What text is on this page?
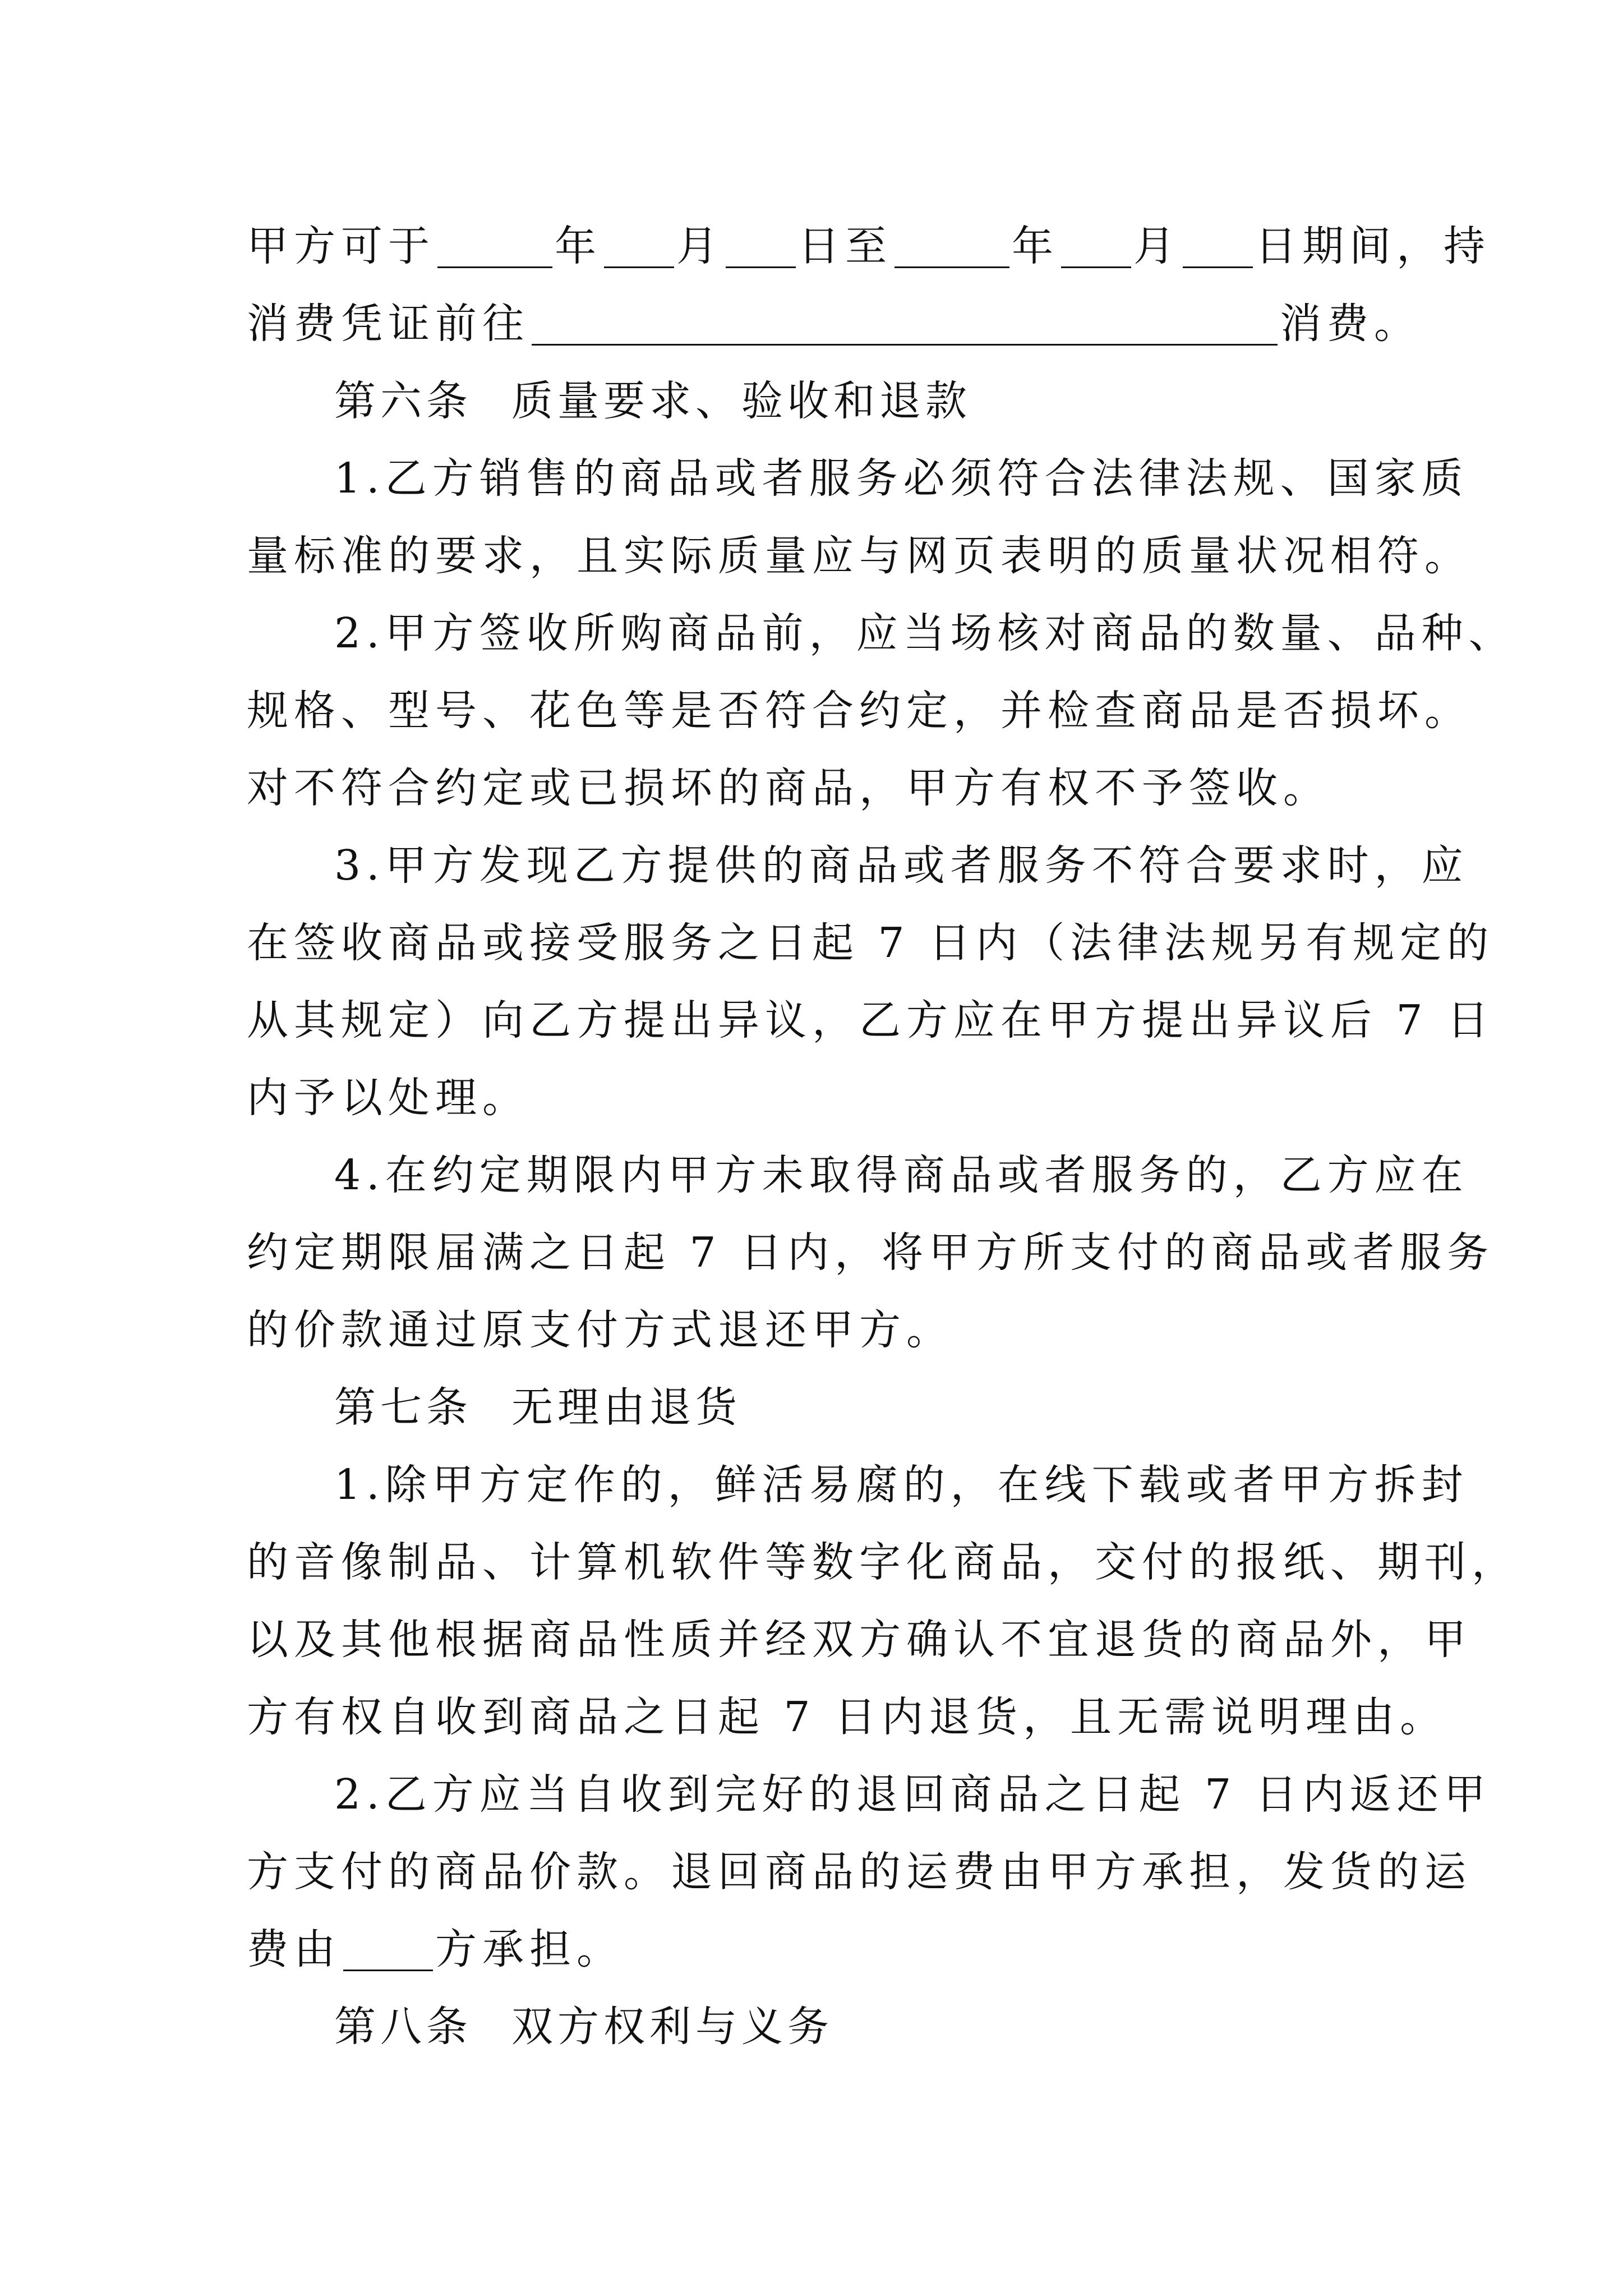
甲方可于	年 月 日至	年 月 日期间，持
消费凭证前往	消费。
第六条 质量要求、验收和退款
1.乙方销售的商品或者服务必须符合法律法规、国家质
量标准的要求，且实际质量应与网页表明的质量状况相符。
2.甲方签收所购商品前，应当场核对商品的数量、品种、
规格、型号、花色等是否符合约定，并检查商品是否损坏。
对不符合约定或已损坏的商品，甲方有权不予签收。
3.甲方发现乙方提供的商品或者服务不符合要求时，应
在签收商品或接受服务之日起 7 日内（法律法规另有规定的
从其规定）向乙方提出异议，乙方应在甲方提出异议后 7 日
内予以处理。
4.在约定期限内甲方未取得商品或者服务的，乙方应在
约定期限届满之日起 7 日内，将甲方所支付的商品或者服务
的价款通过原支付方式退还甲方。
第七条 无理由退货
1.除甲方定作的，鲜活易腐的，在线下载或者甲方拆封
的音像制品、计算机软件等数字化商品，交付的报纸、期刊，
以及其他根据商品性质并经双方确认不宜退货的商品外，甲
方有权自收到商品之日起 7 日内退货，且无需说明理由。
2.乙方应当自收到完好的退回商品之日起 7 日内返还甲
方支付的商品价款。退回商品的运费由甲方承担，发货的运
费由 方承担。
第八条 双方权利与义务
